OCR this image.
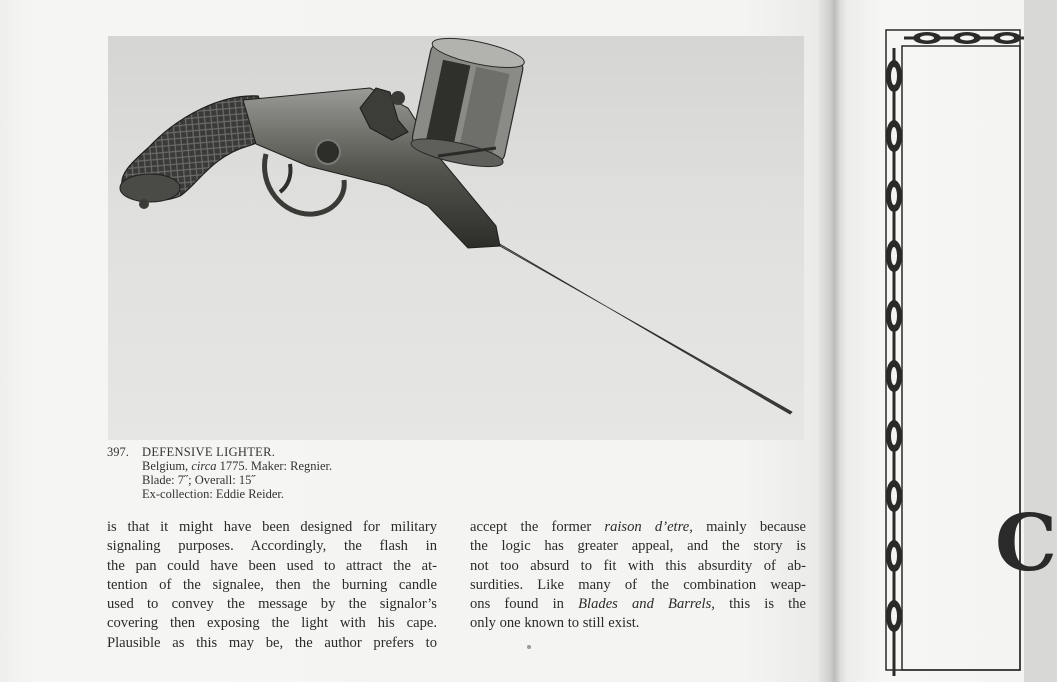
397. DEFENSIVE LIGHTER.
Belgium, circa 1775. Maker: Regnier.
Blade: 7˝; Overall: 15˝
Ex-collection: Eddie Reider.
is that it might have been designed for military
signaling purposes. Accordingly, the flash in
the pan could have been used to attract the at-
tention of the signalee, then the burning candle
used to convey the message by the signalor’s
covering then exposing the light with his cape.
Plausible as this may be, the author prefers to
accept the former raison d’etre, mainly because
the logic has greater appeal, and the story is
not too absurd to fit with this absurdity of ab-
surdities. Like many of the combination weap-
ons found in Blades and Barrels, this is the
only one known to still exist.
C
